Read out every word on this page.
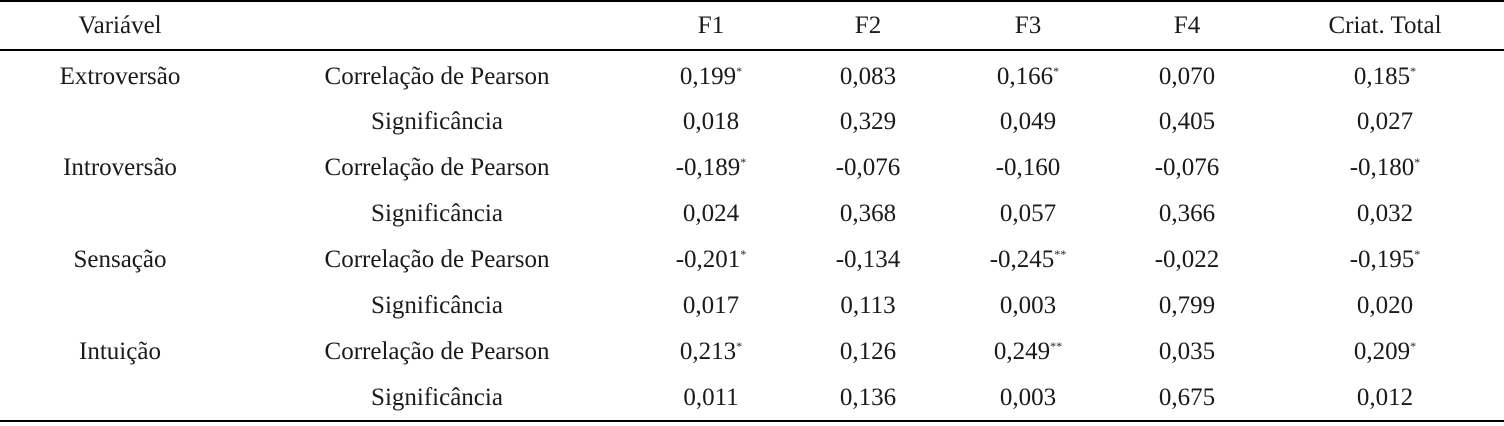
Variável		F1	F2	F3	F4	Criat. Total
Extroversão	Correlação de Pearson	0,199*	0,083	0,166*	0,070	0,185*
	Significância	0,018	0,329	0,049	0,405	0,027
Introversão	Correlação de Pearson	-0,189*	-0,076	-0,160	-0,076	-0,180*
	Significância	0,024	0,368	0,057	0,366	0,032
Sensação	Correlação de Pearson	-0,201*	-0,134	-0,245**	-0,022	-0,195*
	Significância	0,017	0,113	0,003	0,799	0,020
Intuição	Correlação de Pearson	0,213*	0,126	0,249**	0,035	0,209*
	Significância	0,011	0,136	0,003	0,675	0,012
